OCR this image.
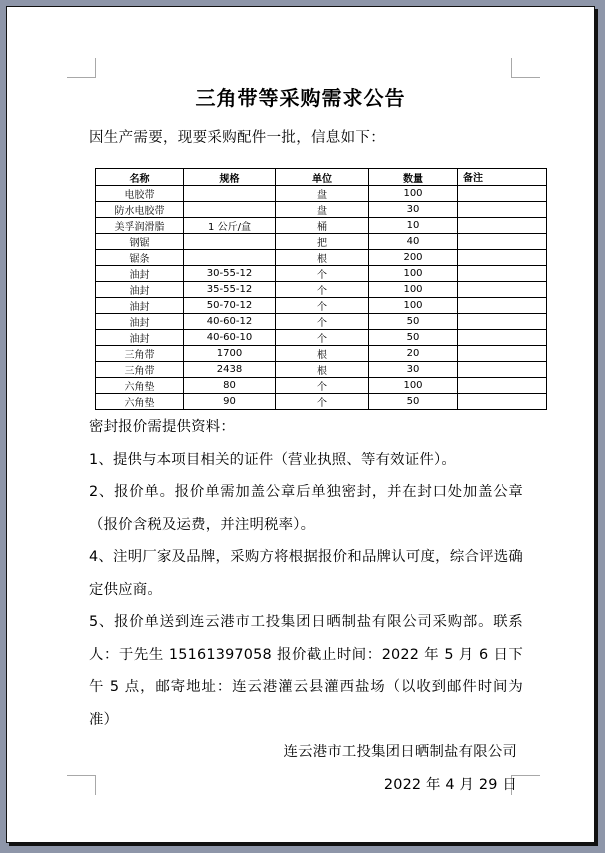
三角带等采购需求公告
因生产需要，现要采购配件一批，信息如下：
名称	规格	单位	数量	备注
电胶带		盘	100	
防水电胶带		盘	30	
美孚润滑脂	1 公斤/盒	桶	10	
钢锯		把	40	
锯条		根	200	
油封	30-55-12	个	100	
油封	35-55-12	个	100	
油封	50-70-12	个	100	
油封	40-60-12	个	50	
油封	40-60-10	个	50	
三角带	1700	根	20	
三角带	2438	根	30	
六角垫	80	个	100	
六角垫	90	个	50	

密封报价需提供资料：

1、提供与本项目相关的证件（营业执照、等有效证件）。

2、报价单。报价单需加盖公章后单独密封，并在封口处加盖公章（报价含税及运费，并注明税率）。

4、注明厂家及品牌，采购方将根据报价和品牌认可度，综合评选确定供应商。

5、报价单送到连云港市工投集团日晒制盐有限公司采购部。联系人：于先生 15161397058 报价截止时间：2022 年 5 月 6 日下午 5 点，邮寄地址：连云港灌云县灌西盐场（以收到邮件时间为准）

连云港市工投集团日晒制盐有限公司

2022 年 4 月 29 日
